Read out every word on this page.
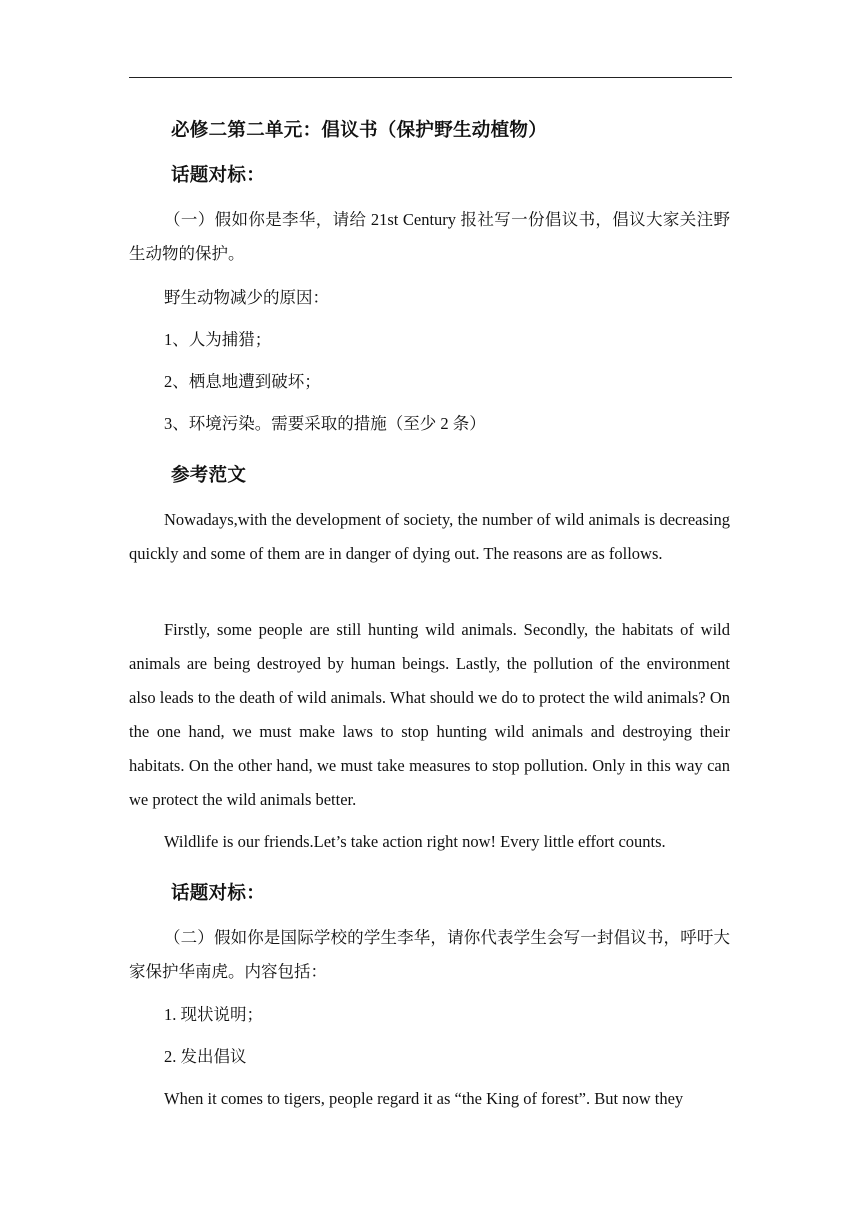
必修二第二单元：倡议书（保护野生动植物）
话题对标：
（一）假如你是李华，请给 21st Century 报社写一份倡议书，倡议大家关注野生动物的保护。
野生动物减少的原因：
1、人为捕猎；
2、栖息地遭到破坏；
3、环境污染。需要采取的措施（至少 2 条）
参考范文
Nowadays,with the development of society, the number of wild animals is decreasing quickly and some of them are in danger of dying out. The reasons are as follows.
Firstly, some people are still hunting wild animals. Secondly, the habitats of wild animals are being destroyed by human beings. Lastly, the pollution of the environment also leads to the death of wild animals. What should we do to protect the wild animals? On the one hand, we must make laws to stop hunting wild animals and destroying their habitats. On the other hand, we must take measures to stop pollution. Only in this way can we protect the wild animals better.
Wildlife is our friends.Let’s take action right now! Every little effort counts.
话题对标：
（二）假如你是国际学校的学生李华，请你代表学生会写一封倡议书，呼吁大家保护华南虎。内容包括：
1. 现状说明；
2. 发出倡议
When it comes to tigers, people regard it as “the King of forest”. But now they
